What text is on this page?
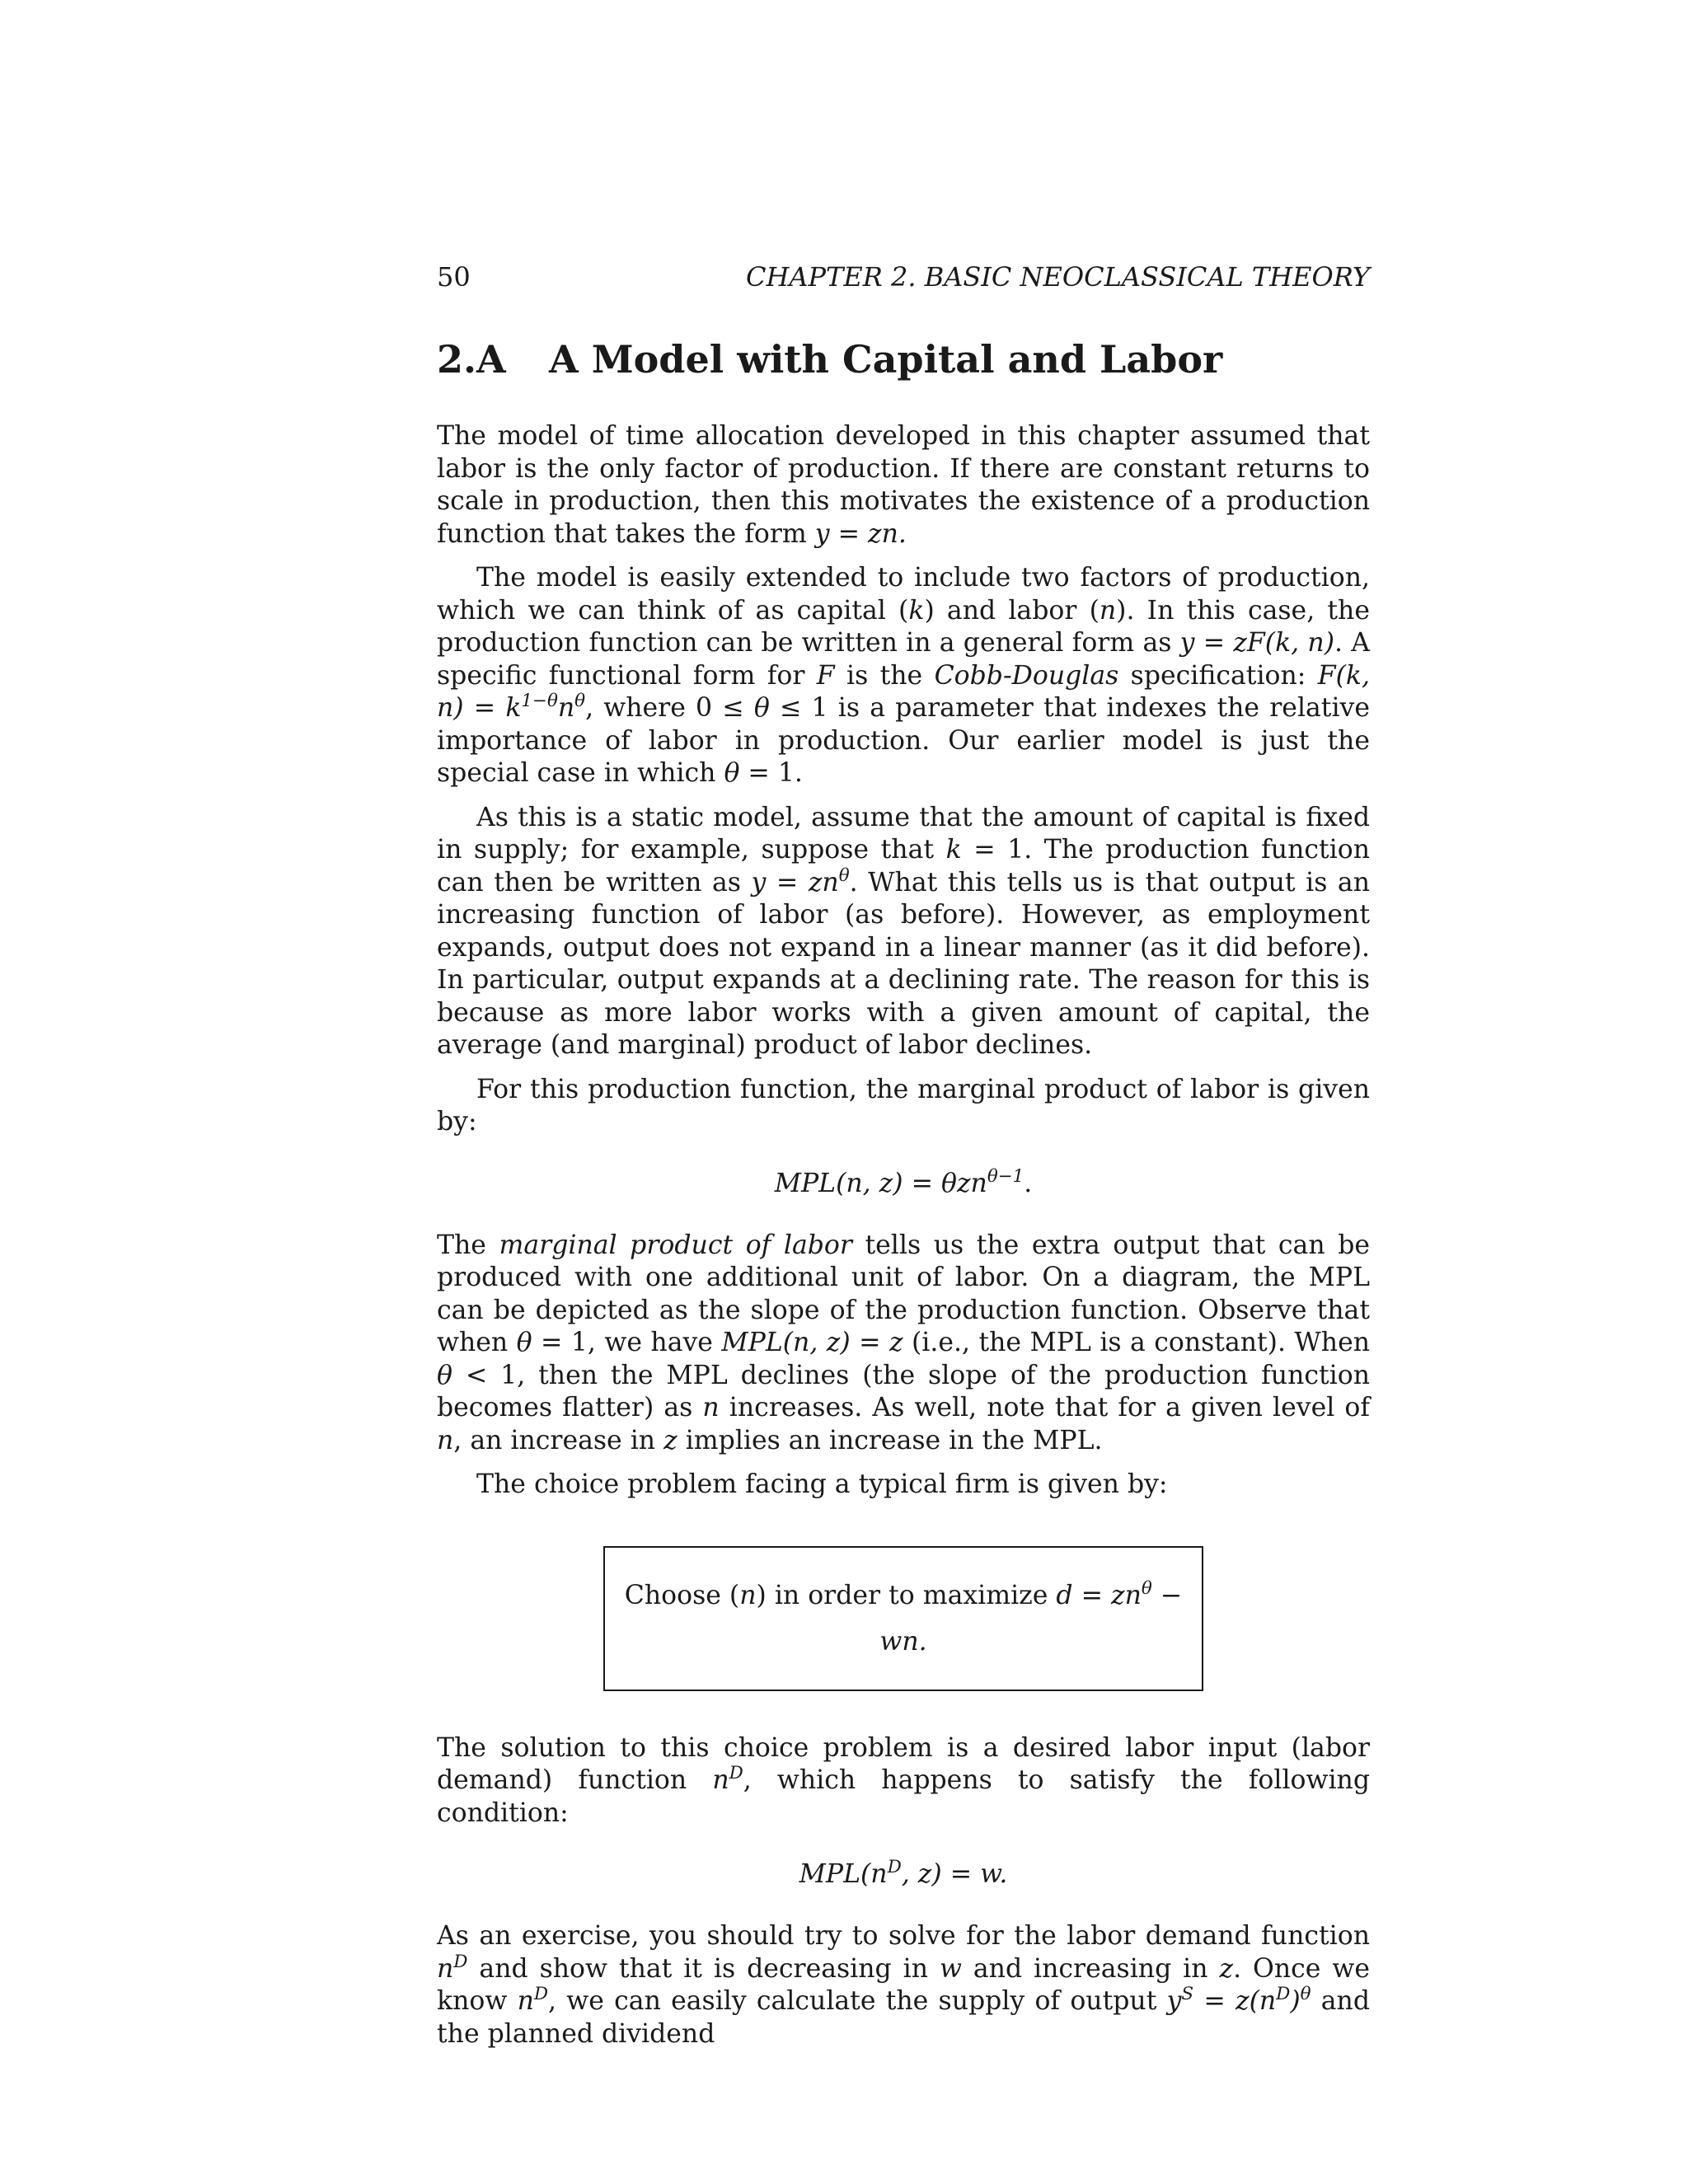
50	CHAPTER 2. BASIC NEOCLASSICAL THEORY
2.A A Model with Capital and Labor

The model of time allocation developed in this chapter assumed that labor is the only factor of production. If there are constant returns to scale in production, then this motivates the existence of a production function that takes the form y = zn.

The model is easily extended to include two factors of production, which we can think of as capital (k) and labor (n). In this case, the production function can be written in a general form as y = zF(k, n). A specific functional form for F is the Cobb-Douglas specification: F(k, $n) = k^{1-\theta}n^\theta$, where 0 ≤ θ ≤ 1 is a parameter that indexes the relative importance of labor in production. Our earlier model is just the special case in which θ = 1.

As this is a static model, assume that the amount of capital is fixed in supply; for example, suppose that k = 1. The production function can then be written as $y = zn^\theta$. What this tells us is that output is an increasing function of labor (as before). However, as employment expands, output does not expand in a linear manner (as it did before). In particular, output expands at a declining rate. The reason for this is because as more labor works with a given amount of capital, the average (and marginal) product of labor declines.

For this production function, the marginal product of labor is given by:

MPL(n, z) = θzn$^{\theta-1}$.

The marginal product of labor tells us the extra output that can be produced with one additional unit of labor. On a diagram, the MPL can be depicted as the slope of the production function. Observe that when θ = 1, we have MPL(n, z) = z (i.e., the MPL is a constant). When θ < 1, then the MPL declines (the slope of the production function becomes flatter) as n increases. As well, note that for a given level of n, an increase in z implies an increase in the MPL.

The choice problem facing a typical firm is given by:

Choose (n) in order to maximize $d = zn^\theta$ − wn.

The solution to this choice problem is a desired labor input (labor demand) function $n^D$, which happens to satisfy the following condition:

$MPL(n^D$, z) = w.

As an exercise, you should try to solve for the labor demand function $n^D$ and show that it is decreasing in w and increasing in z. Once we know $n^D$, we can easily calculate the supply of output $y^S = z(n^D)^\theta$ and the planned dividend
